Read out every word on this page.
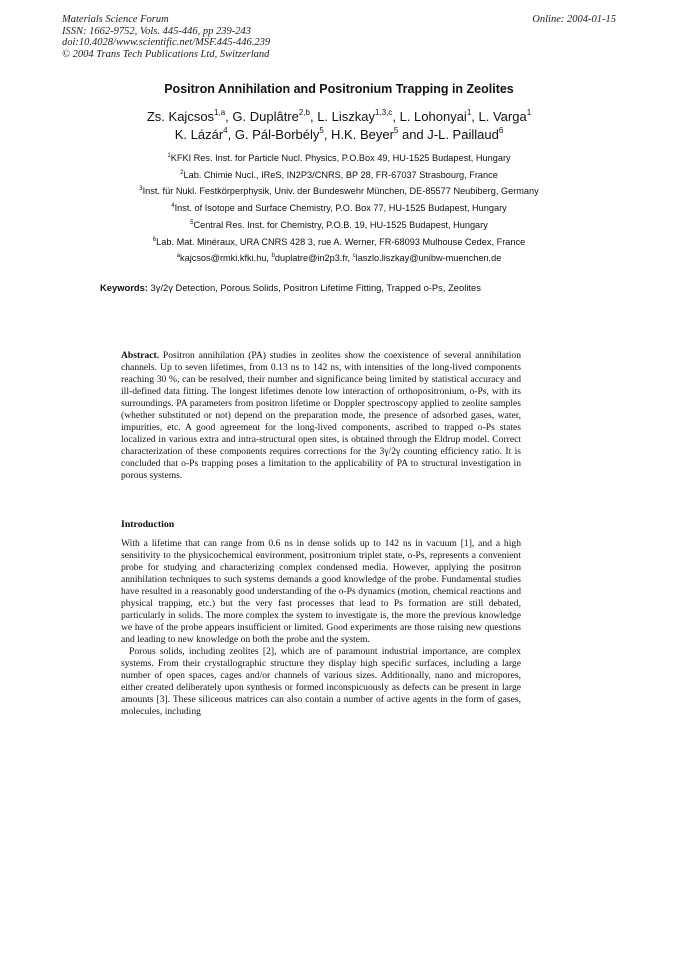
Materials Science Forum
ISSN: 1662-9752, Vols. 445-446, pp 239-243
doi:10.4028/www.scientific.net/MSF.445-446.239
© 2004 Trans Tech Publications Ltd, Switzerland
Online: 2004-01-15
Positron Annihilation and Positronium Trapping in Zeolites
Zs. Kajcsos$^{1,a}$, G. Duplâtre$^{2,b}$, L. Liszkay$^{1,3,c}$, L. Lohonyai$^1$, L. Varga$^1$
K. Lázár$^4$, G. Pál-Borbély$^5$, H.K. Beyer$^5$ and J-L. Paillaud$^6$
$^1$KFKI Res. Inst. for Particle Nucl. Physics, P.O.Box 49, HU-1525 Budapest, Hungary
$^2$Lab. Chimie Nucl., IReS, IN2P3/CNRS, BP 28, FR-67037 Strasbourg, France
$^3$Inst. für Nukl. Festkörperphysik, Univ. der Bundeswehr München, DE-85577 Neubiberg, Germany
$^4$Inst. of Isotope and Surface Chemistry, P.O. Box 77, HU-1525 Budapest, Hungary
$^5$Central Res. Inst. for Chemistry, P.O.B. 19, HU-1525 Budapest, Hungary
$^6$Lab. Mat. Minéraux, URA CNRS 428 3, rue A. Werner, FR-68093 Mulhouse Cedex, France
$^a$kajcsos@rmki.kfki.hu, $^b$duplatre@in2p3.fr, $^c$laszlo.liszkay@unibw-muenchen.de
Keywords: 3γ/2γ Detection, Porous Solids, Positron Lifetime Fitting, Trapped o-Ps, Zeolites
Abstract. Positron annihilation (PA) studies in zeolites show the coexistence of several annihilation channels. Up to seven lifetimes, from 0.13 ns to 142 ns, with intensities of the long-lived components reaching 30 %, can be resolved, their number and significance being limited by statistical accuracy and ill-defined data fitting. The longest lifetimes denote low interaction of orthopositronium, o-Ps, with its surroundings. PA parameters from positron lifetime or Doppler spectroscopy applied to zeolite samples (whether substituted or not) depend on the preparation mode, the presence of adsorbed gases, water, impurities, etc. A good agreement for the long-lived components, ascribed to trapped o-Ps states localized in various extra and intra-structural open sites, is obtained through the Eldrup model. Correct characterization of these components requires corrections for the 3γ/2γ counting efficiency ratio. It is concluded that o-Ps trapping poses a limitation to the applicability of PA to structural investigation in porous systems.
Introduction

With a lifetime that can range from 0.6 ns in dense solids up to 142 ns in vacuum [1], and a high sensitivity to the physicochemical environment, positronium triplet state, o-Ps, represents a convenient probe for studying and characterizing complex condensed media. However, applying the positron annihilation techniques to such systems demands a good knowledge of the probe. Fundamental studies have resulted in a reasonably good understanding of the o-Ps dynamics (motion, chemical reactions and physical trapping, etc.) but the very fast processes that lead to Ps formation are still debated, particularly in solids. The more complex the system to investigate is, the more the previous knowledge we have of the probe appears insufficient or limited. Good experiments are those raising new questions and leading to new knowledge on both the probe and the system.

Porous solids, including zeolites [2], which are of paramount industrial importance, are complex systems. From their crystallographic structure they display high specific surfaces, including a large number of open spaces, cages and/or channels of various sizes. Additionally, nano and micropores, either created deliberately upon synthesis or formed inconspicuously as defects can be present in large amounts [3]. These siliceous matrices can also contain a number of active agents in the form of gases, molecules, including
